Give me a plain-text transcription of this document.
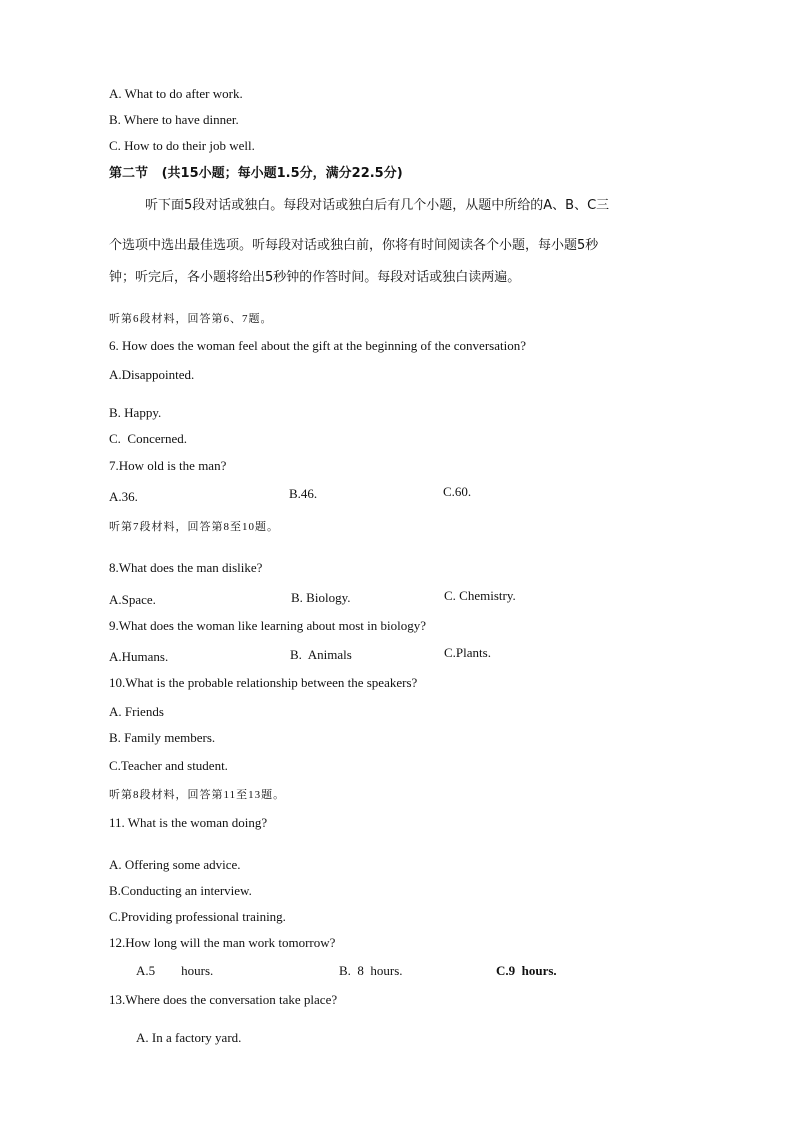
A. What to do after work.
B. Where to have dinner.
C. How to do their job well.
第二节 (共15小题；每小题1.5分，满分22.5分)
听下面5段对话或独白。每段对话或独白后有几个小题，从题中所给的A、B、C三
个选项中选出最佳选项。听每段对话或独白前，你将有时间阅读各个小题，每小题5秒
钟；听完后，各小题将给出5秒钟的作答时间。每段对话或独白读两遍。
听第6段材料，回答第6、7题。
6. How does the woman feel about the gift at the beginning of the conversation?
A.Disappointed.
B. Happy.
C.  Concerned.
7.How old is the man?
A.36.	B.46.	C.60.
听第7段材料，回答第8至10题。
8.What does the man dislike?
A.Space.	B. Biology.	C. Chemistry.
9.What does the woman like learning about most in biology?
A.Humans.	B.  Animals	C.Plants.
10.What is the probable relationship between the speakers?
A. Friends
B. Family members.
C.Teacher and student.
听第8段材料，回答第11至13题。
11. What is the woman doing?
A. Offering some advice.
B.Conducting an interview.
C.Providing professional training.
12.How long will the man work tomorrow?
A.5        hours.	B.  8  hours.	C.9  hours.
13.Where does the conversation take place?
A. In a factory yard.
